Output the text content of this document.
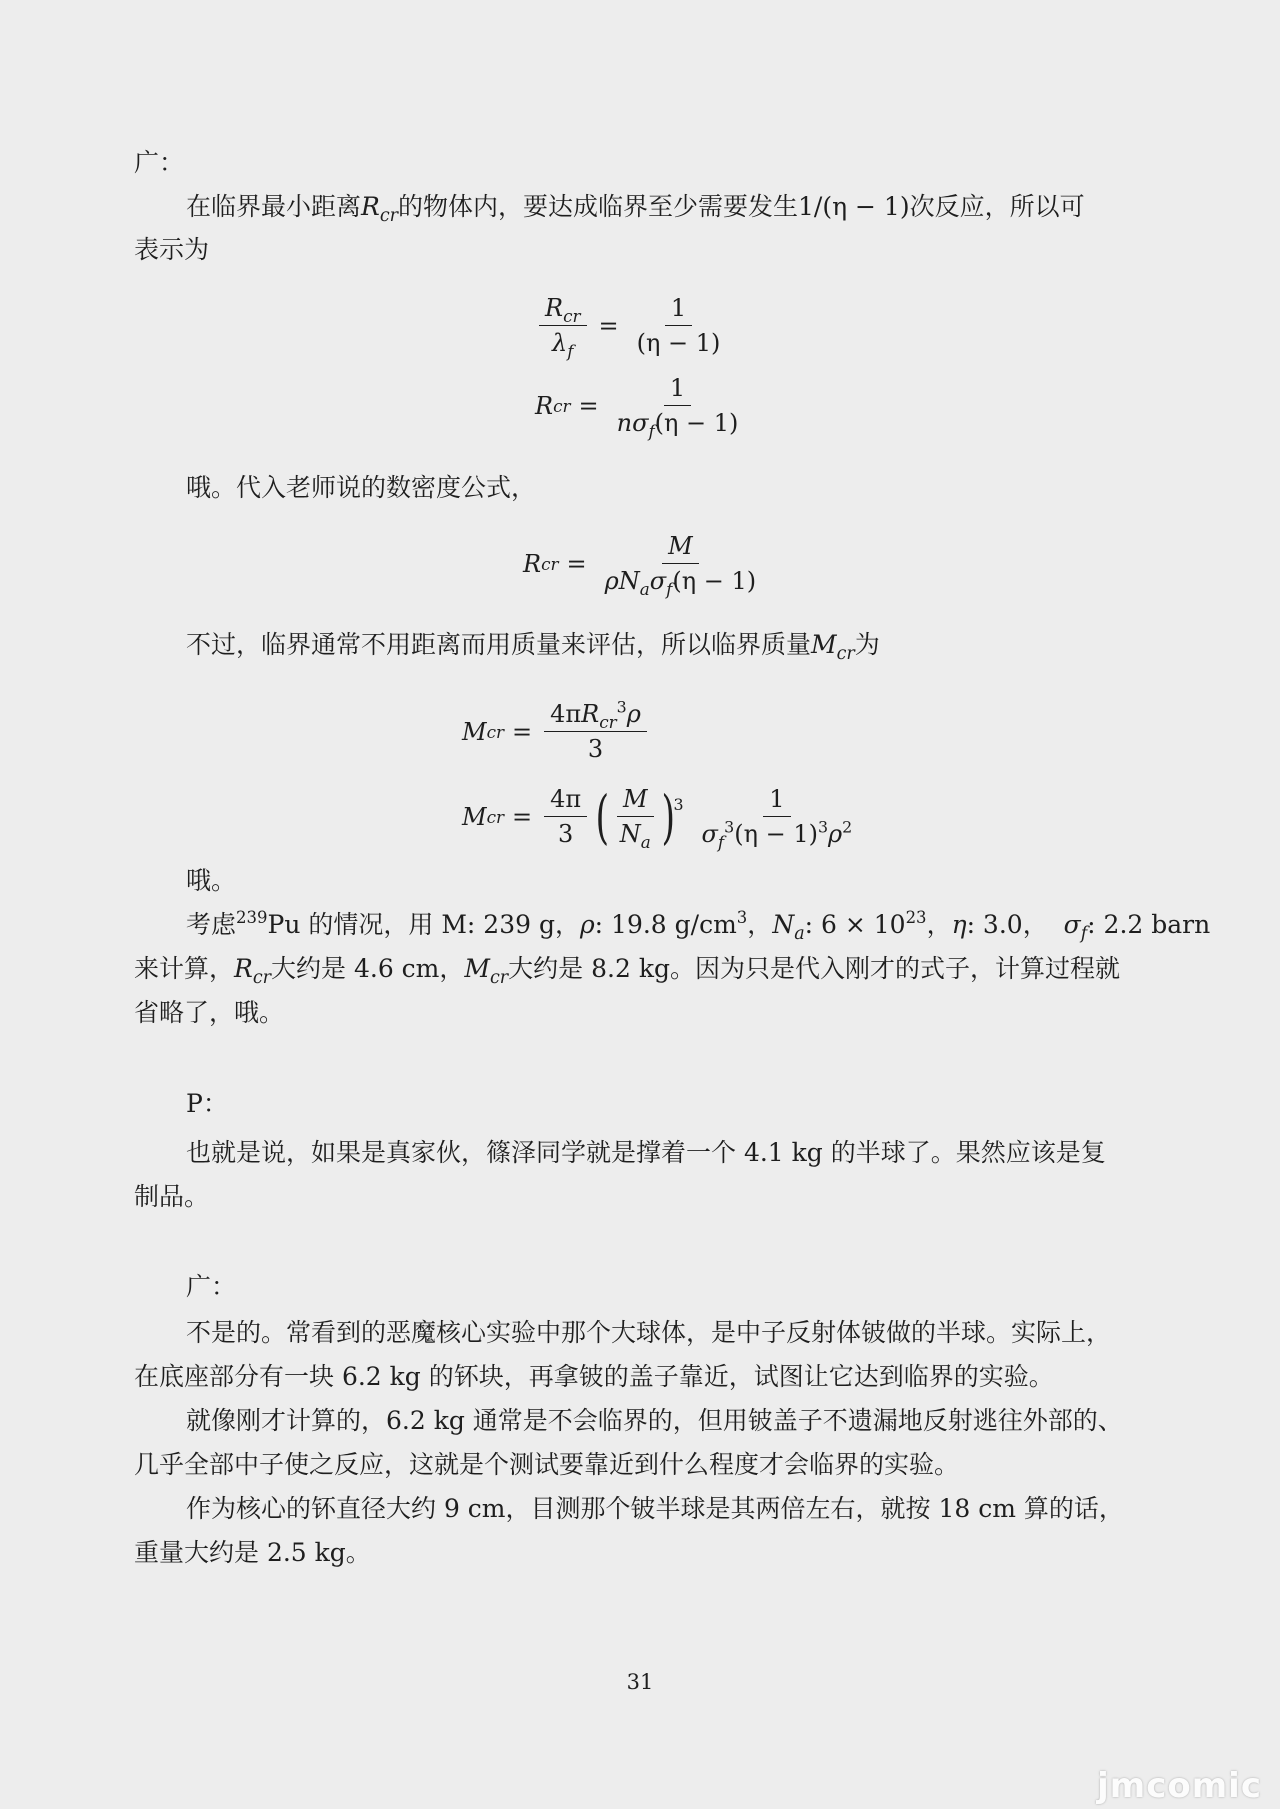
广：
在临界最小距离$R_{cr}$的物体内，要达成临界至少需要发生1/(η − 1)次反应，所以可
表示为
$\frac{R_{cr}}{\lambda_f} = \frac{1}{(\eta - 1)}$
R cr = $\frac{1}{n\sigma_f(\eta - 1)}$
哦。代入老师说的数密度公式，
R cr = $\frac{M}{\rho N_a\sigma_f(\eta - 1)}$
不过，临界通常不用距离而用质量来评估，所以临界质量$M_{cr}$为
M cr = $\frac{4\pi R_{cr}^3\rho}{3}$
M cr = $\frac{4\pi}{3}$ ( $\frac{M}{N_a}$ )
$^3 \frac{1}{\sigma_f^3(\eta - 1)^3\rho^2}$
哦。
考虑$^{239}$Pu 的情况，用 M: 239 g，ρ: 19.8 $g/cm^3$，$N_a$: $6 \times 10^{23}$，η: 3.0， $\sigma_f$: 2.2 barn
来计算，$R_{cr}$大约是 4.6 cm，$M_{cr}$大约是 8.2 kg。因为只是代入刚才的式子，计算过程就
省略了，哦。
P：
也就是说，如果是真家伙，篠泽同学就是撑着一个 4.1 kg 的半球了。果然应该是复
制品。
广：
不是的。常看到的恶魔核心实验中那个大球体，是中子反射体铍做的半球。实际上，
在底座部分有一块 6.2 kg 的钚块，再拿铍的盖子靠近，试图让它达到临界的实验。
就像刚才计算的，6.2 kg 通常是不会临界的，但用铍盖子不遗漏地反射逃往外部的、
几乎全部中子使之反应，这就是个测试要靠近到什么程度才会临界的实验。
作为核心的钚直径大约 9 cm，目测那个铍半球是其两倍左右，就按 18 cm 算的话，
重量大约是 2.5 kg。
31
jmcomic
